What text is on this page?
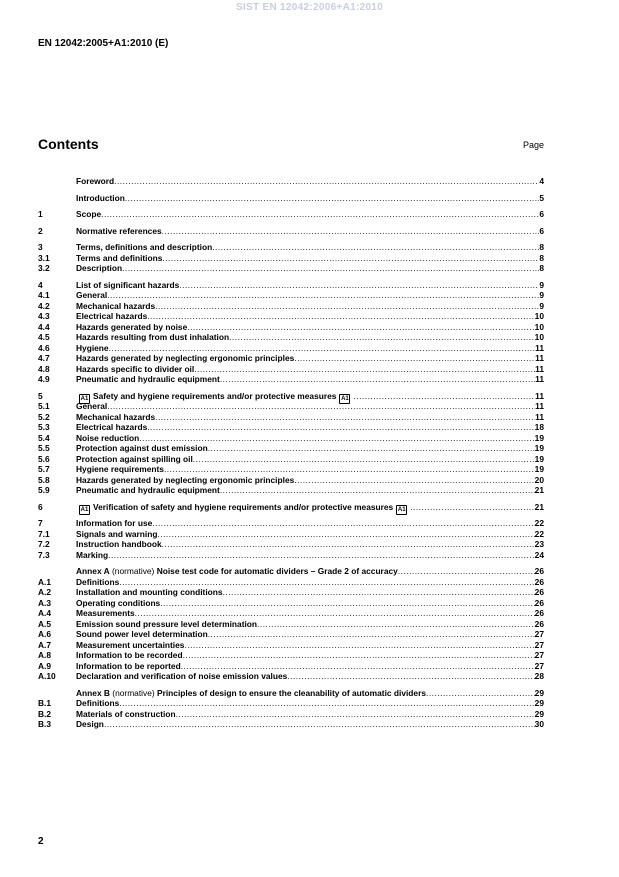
SIST EN 12042:2006+A1:2010
EN 12042:2005+A1:2010 (E)
Contents	Page
Foreword .....	4
Introduction .....	5
1	Scope .....	6
2	Normative references .....	6
3	Terms, definitions and description .....	8
3.1	Terms and definitions .....	8
3.2	Description .....	8
4	List of significant hazards .....	9
4.1	General .....	9
4.2	Mechanical hazards .....	9
4.3	Electrical hazards .....	10
4.4	Hazards generated by noise .....	10
4.5	Hazards resulting from dust inhalation .....	10
4.6	Hygiene .....	11
4.7	Hazards generated by neglecting ergonomic principles .....	11
4.8	Hazards specific to divider oil .....	11
4.9	Pneumatic and hydraulic equipment .....	11
5	A1 Safety and hygiene requirements and/or protective measures A1 .....	11
5.1	General .....	11
5.2	Mechanical hazards .....	11
5.3	Electrical hazards .....	18
5.4	Noise reduction .....	19
5.5	Protection against dust emission .....	19
5.6	Protection against spilling oil .....	19
5.7	Hygiene requirements .....	19
5.8	Hazards generated by neglecting ergonomic principles .....	20
5.9	Pneumatic and hydraulic equipment .....	21
6	A1 Verification of safety and hygiene requirements and/or protective measures A1 .....	21
7	Information for use .....	22
7.1	Signals and warning .....	22
7.2	Instruction handbook .....	23
7.3	Marking .....	24
Annex A (normative) Noise test code for automatic dividers – Grade 2 of accuracy .....	26
A.1	Definitions .....	26
A.2	Installation and mounting conditions .....	26
A.3	Operating conditions .....	26
A.4	Measurements .....	26
A.5	Emission sound pressure level determination .....	26
A.6	Sound power level determination .....	27
A.7	Measurement uncertainties .....	27
A.8	Information to be recorded .....	27
A.9	Information to be reported .....	27
A.10	Declaration and verification of noise emission values .....	28
Annex B (normative) Principles of design to ensure the cleanability of automatic dividers .....	29
B.1	Definitions .....	29
B.2	Materials of construction .....	29
B.3	Design .....	30
2
